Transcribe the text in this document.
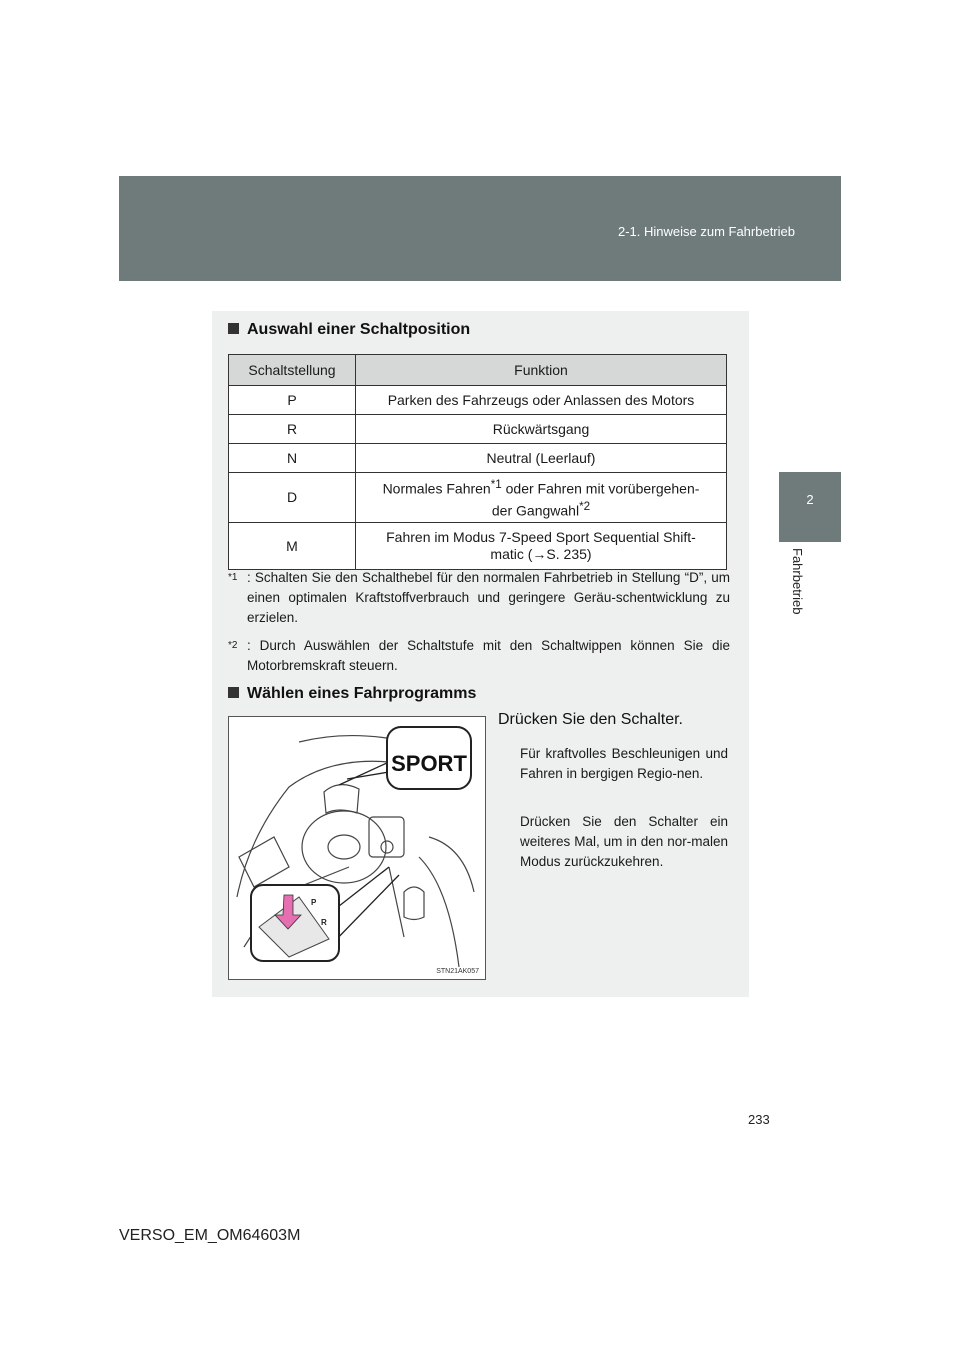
2-1. Hinweise zum Fahrbetrieb
2
Fahrbetrieb
Auswahl einer Schaltposition
Schaltstellung	Funktion
P	Parken des Fahrzeugs oder Anlassen des Motors
R	Rückwärtsgang
N	Neutral (Leerlauf)
D	Normales Fahren$^{*1}$ oder Fahren mit vorübergehen-
der Gangwahl$^{*2}$
M	Fahren im Modus 7-Speed Sport Sequential Shift-
matic (→S. 235)
*1 : Schalten Sie den Schalthebel für den normalen Fahrbetrieb in Stellung “D”, um einen optimalen Kraftstoffverbrauch und geringere Geräu-schentwicklung zu erzielen.
*2 : Durch Auswählen der Schaltstufe mit den Schaltwippen können Sie die Motorbremskraft steuern.
Wählen eines Fahrprogramms
SPORT
P
R
STN21AK057
Drücken Sie den Schalter.
Für kraftvolles Beschleunigen und Fahren in bergigen Regio-nen.
Drücken Sie den Schalter ein weiteres Mal, um in den nor-malen Modus zurückzukehren.
233
VERSO_EM_OM64603M
